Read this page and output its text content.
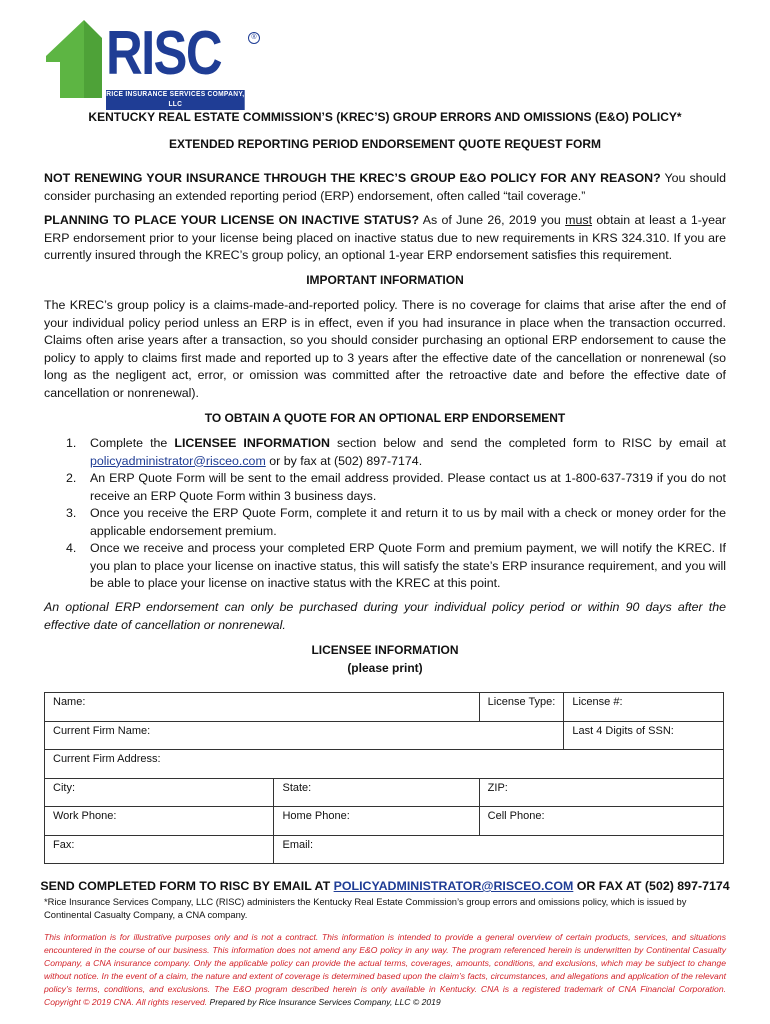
RISC	®
RICE INSURANCE SERVICES COMPANY, LLC
KENTUCKY REAL ESTATE COMMISSION’S (KREC’S) GROUP ERRORS AND OMISSIONS (E&O) POLICY*
EXTENDED REPORTING PERIOD ENDORSEMENT QUOTE REQUEST FORM
NOT RENEWING YOUR INSURANCE THROUGH THE KREC’S GROUP E&O POLICY FOR ANY REASON? You should consider purchasing an extended reporting period (ERP) endorsement, often called “tail coverage.”
PLANNING TO PLACE YOUR LICENSE ON INACTIVE STATUS? As of June 26, 2019 you must obtain at least a 1-year ERP endorsement prior to your license being placed on inactive status due to new requirements in KRS 324.310. If you are currently insured through the KREC’s group policy, an optional 1-year ERP endorsement satisfies this requirement.
IMPORTANT INFORMATION
The KREC’s group policy is a claims-made-and-reported policy. There is no coverage for claims that arise after the end of your individual policy period unless an ERP is in effect, even if you had insurance in place when the transaction occurred. Claims often arise years after a transaction, so you should consider purchasing an optional ERP endorsement to cause the policy to apply to claims first made and reported up to 3 years after the effective date of the cancellation or nonrenewal (so long as the negligent act, error, or omission was committed after the retroactive date and before the effective date of cancellation or nonrenewal).
TO OBTAIN A QUOTE FOR AN OPTIONAL ERP ENDORSEMENT
1. Complete the LICENSEE INFORMATION section below and send the completed form to RISC by email at policyadministrator@risceo.com or by fax at (502) 897-7174.
2. An ERP Quote Form will be sent to the email address provided. Please contact us at 1-800-637-7319 if you do not receive an ERP Quote Form within 3 business days.
3. Once you receive the ERP Quote Form, complete it and return it to us by mail with a check or money order for the applicable endorsement premium.
4. Once we receive and process your completed ERP Quote Form and premium payment, we will notify the KREC. If you plan to place your license on inactive status, this will satisfy the state’s ERP insurance requirement, and you will be able to place your license on inactive status with the KREC at this point.
An optional ERP endorsement can only be purchased during your individual policy period or within 90 days after the effective date of cancellation or nonrenewal.
LICENSEE INFORMATION
(please print)
Name:		License Type:	License #:
Current Firm Name:			Last 4 Digits of SSN:
Current Firm Address:			
City:	State:	ZIP:	
Work Phone:	Home Phone:	Cell Phone:	
Fax:	Email:		
SEND COMPLETED FORM TO RISC BY EMAIL AT POLICYADMINISTRATOR@RISCEO.COM OR FAX AT (502) 897-7174
*Rice Insurance Services Company, LLC (RISC) administers the Kentucky Real Estate Commission’s group errors and omissions policy, which is issued by Continental Casualty Company, a CNA company.
This information is for illustrative purposes only and is not a contract. This information is intended to provide a general overview of certain products, services, and situations encountered in the course of our business. This information does not amend any E&O policy in any way. The program referenced herein is underwritten by Continental Casualty Company, a CNA insurance company. Only the applicable policy can provide the actual terms, coverages, amounts, conditions, and exclusions, which may be subject to change without notice. In the event of a claim, the nature and extent of coverage is determined based upon the claim’s facts, circumstances, and allegations and application of the relevant policy’s terms, conditions, and exclusions. The E&O program described herein is only available in Kentucky. CNA is a registered trademark of CNA Financial Corporation. Copyright © 2019 CNA. All rights reserved. Prepared by Rice Insurance Services Company, LLC © 2019
